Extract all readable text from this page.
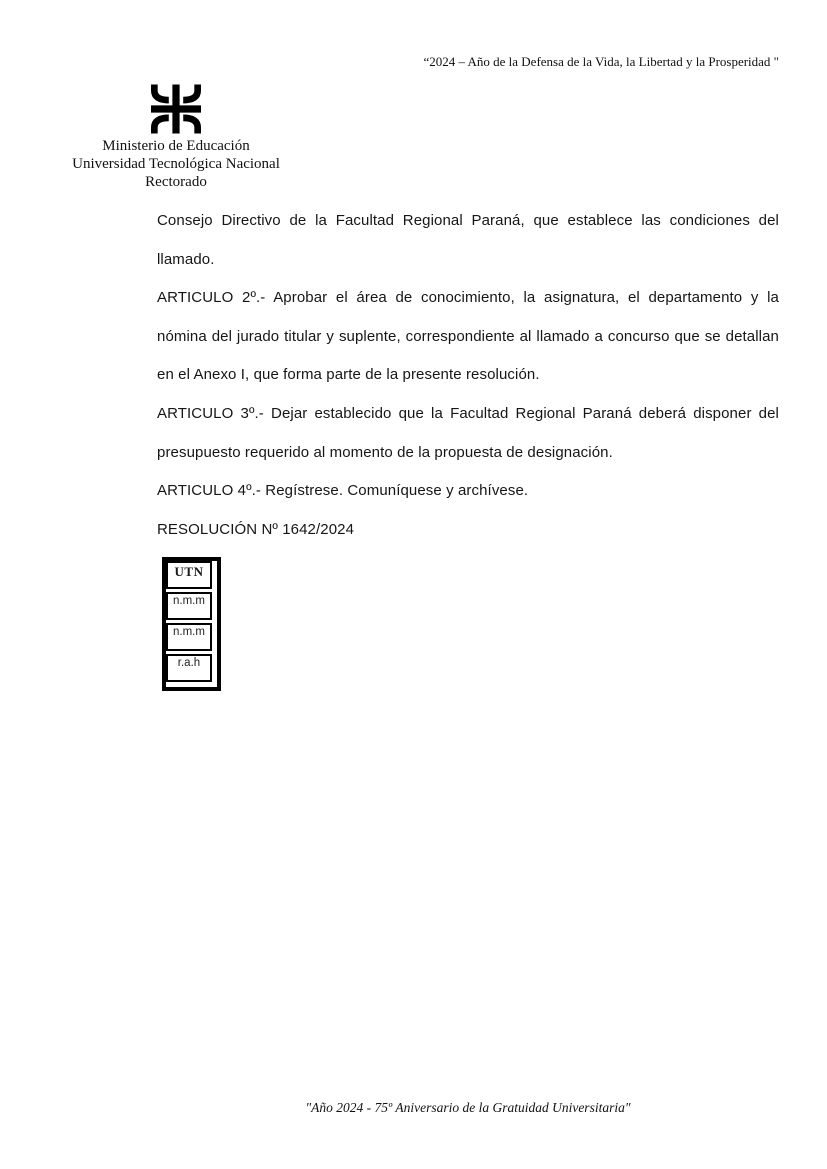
“2024 – Año de la Defensa de la Vida, la Libertad y la Prosperidad "
Ministerio de Educación
Universidad Tecnológica Nacional
Rectorado

Consejo Directivo de la Facultad Regional Paraná, que establece las condiciones del llamado.

ARTICULO 2º.- Aprobar el área de conocimiento, la asignatura, el departamento y la nómina del jurado titular y suplente, correspondiente al llamado a concurso que se detallan en el Anexo I, que forma parte de la presente resolución.

ARTICULO 3º.- Dejar establecido que la Facultad Regional Paraná deberá disponer del presupuesto requerido al momento de la propuesta de designación.

ARTICULO 4º.- Regístrese. Comuníquese y archívese.

RESOLUCIÓN Nº 1642/2024

UTN
n.m.m
n.m.m
r.a.h
"Año 2024 - 75º Aniversario de la Gratuidad Universitaria"
